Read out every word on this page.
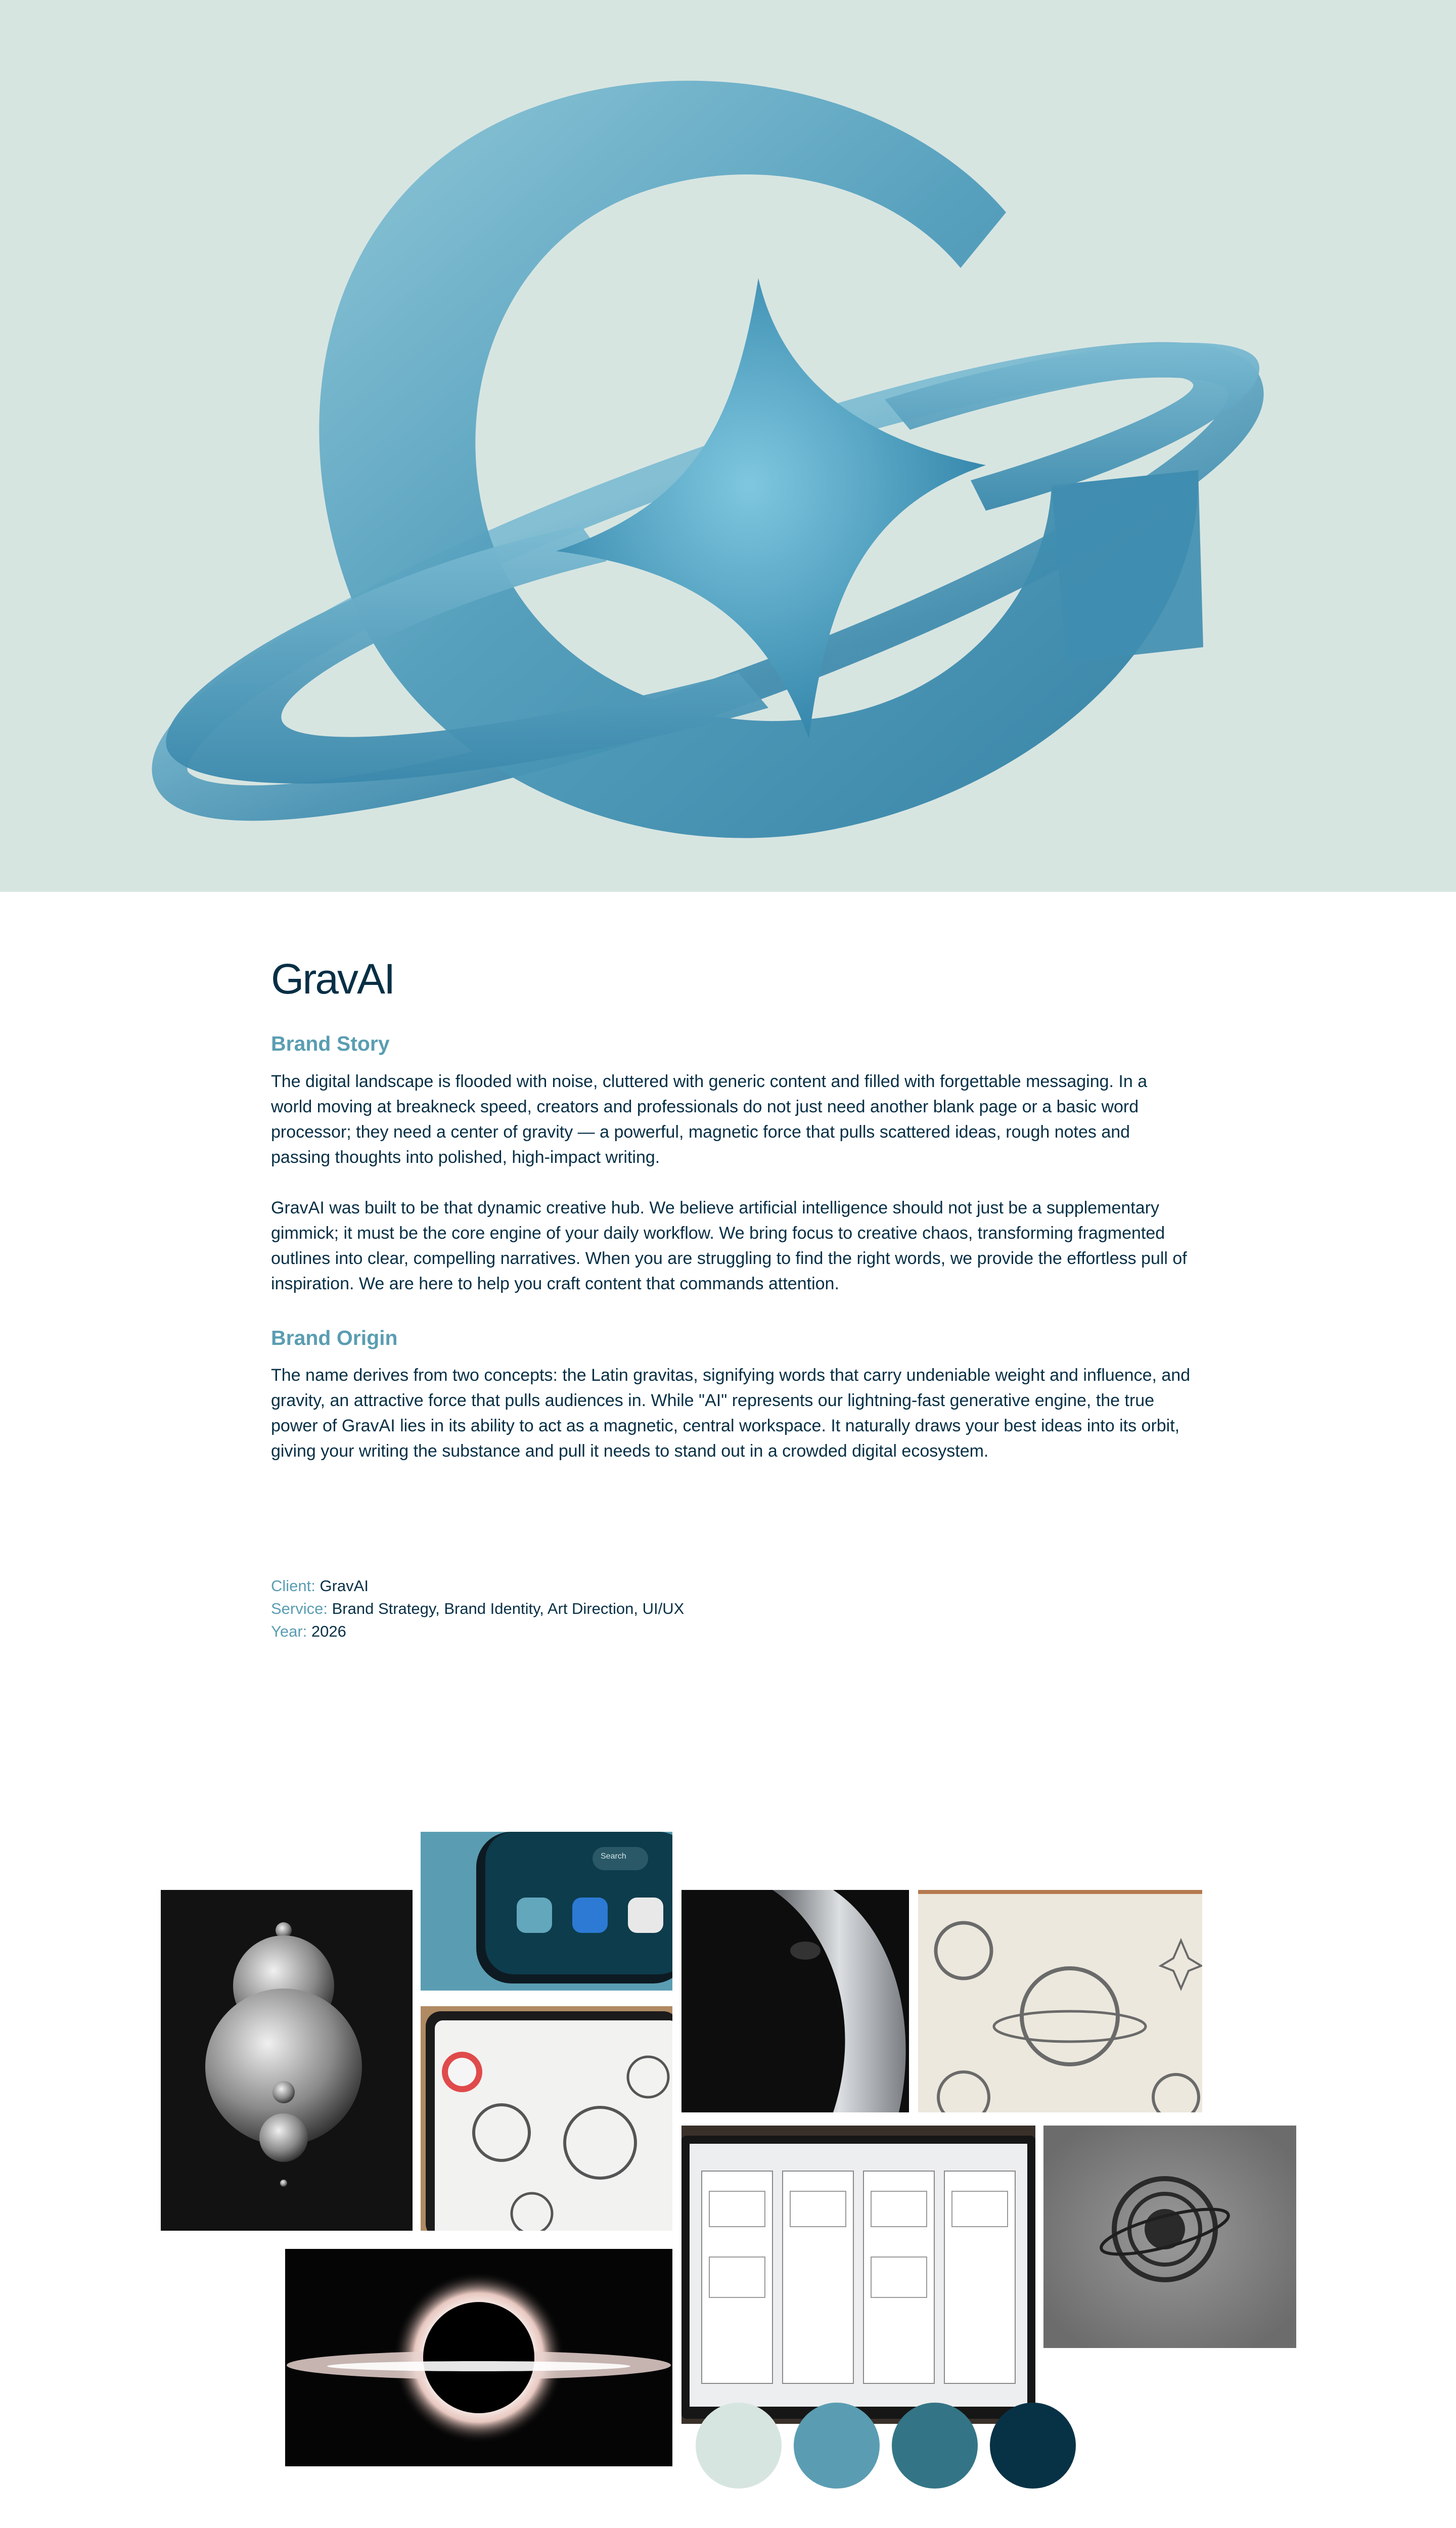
GravAI
Brand Story

The digital landscape is flooded with noise, cluttered with generic content and filled with forgettable messaging. In a world moving at breakneck speed, creators and professionals do not just need another blank page or a basic word processor; they need a center of gravity — a powerful, magnetic force that pulls scattered ideas, rough notes and passing thoughts into polished, high-impact writing.

GravAI was built to be that dynamic creative hub. We believe artificial intelligence should not just be a supplementary gimmick; it must be the core engine of your daily workflow. We bring focus to creative chaos, transforming fragmented outlines into clear, compelling narratives. When you are struggling to find the right words, we provide the effortless pull of inspiration. We are here to help you craft content that commands attention.

Brand Origin

The name derives from two concepts: the Latin gravitas, signifying words that carry undeniable weight and influence, and gravity, an attractive force that pulls audiences in. While "AI" represents our lightning-fast generative engine, the true power of GravAI lies in its ability to act as a magnetic, central workspace. It naturally draws your best ideas into its orbit, giving your writing the substance and pull it needs to stand out in a crowded digital ecosystem.

Client: GravAI
Service: Brand Strategy, Brand Identity, Art Direction, UI/UX
Year: 2026
Search
